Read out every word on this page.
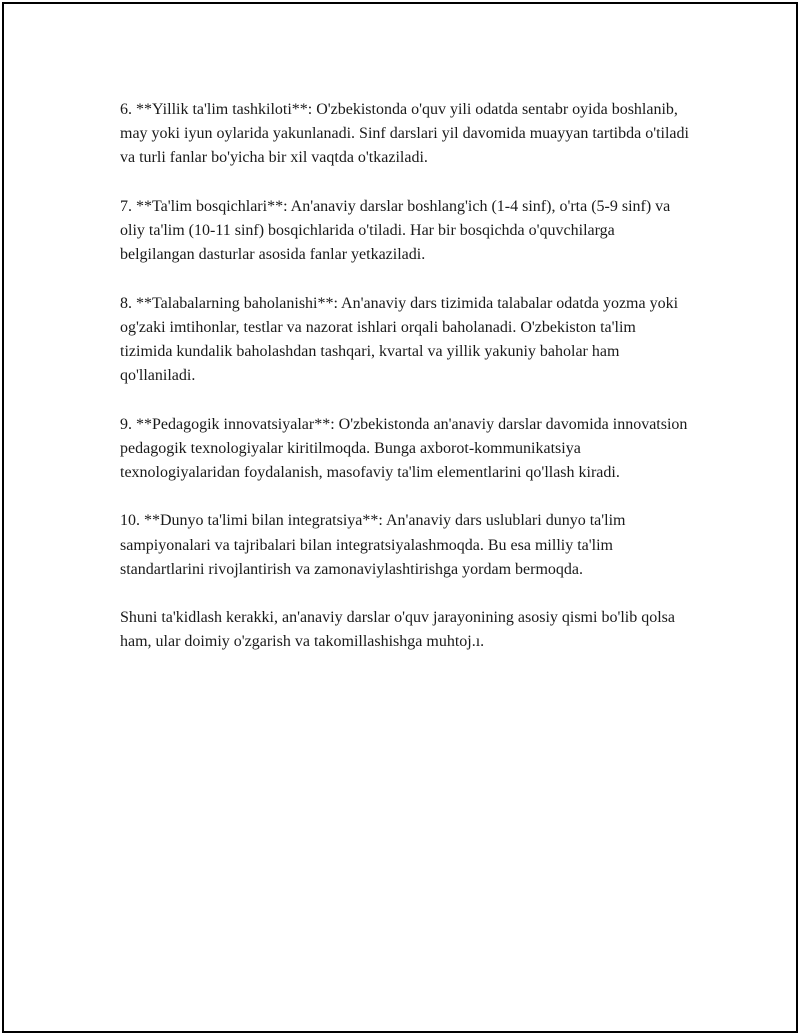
6. **Yillik ta'lim tashkiloti**: O'zbekistonda o'quv yili odatda sentabr oyida boshlanib, may yoki iyun oylarida yakunlanadi. Sinf darslari yil davomida muayyan tartibda o'tiladi va turli fanlar bo'yicha bir xil vaqtda o'tkaziladi.

7. **Ta'lim bosqichlari**: An'anaviy darslar boshlang'ich (1-4 sinf), o'rta (5-9 sinf) va oliy ta'lim (10-11 sinf) bosqichlarida o'tiladi. Har bir bosqichda o'quvchilarga belgilangan dasturlar asosida fanlar yetkaziladi.

8. **Talabalarning baholanishi**: An'anaviy dars tizimida talabalar odatda yozma yoki og'zaki imtihonlar, testlar va nazorat ishlari orqali baholanadi. O'zbekiston ta'lim tizimida kundalik baholashdan tashqari, kvartal va yillik yakuniy baholar ham qo'llaniladi.

9. **Pedagogik innovatsiyalar**: O'zbekistonda an'anaviy darslar davomida innovatsion pedagogik texnologiyalar kiritilmoqda. Bunga axborot-kommunikatsiya texnologiyalaridan foydalanish, masofaviy ta'lim elementlarini qo'llash kiradi.

10. **Dunyo ta'limi bilan integratsiya**: An'anaviy dars uslublari dunyo ta'lim sampiyonalari va tajribalari bilan integratsiyalashmoqda. Bu esa milliy ta'lim standartlarini rivojlantirish va zamonaviylashtirishga yordam bermoqda.

Shuni ta'kidlash kerakki, an'anaviy darslar o'quv jarayonining asosiy qismi bo'lib qolsa ham, ular doimiy o'zgarish va takomillashishga muhtoj.ı.
